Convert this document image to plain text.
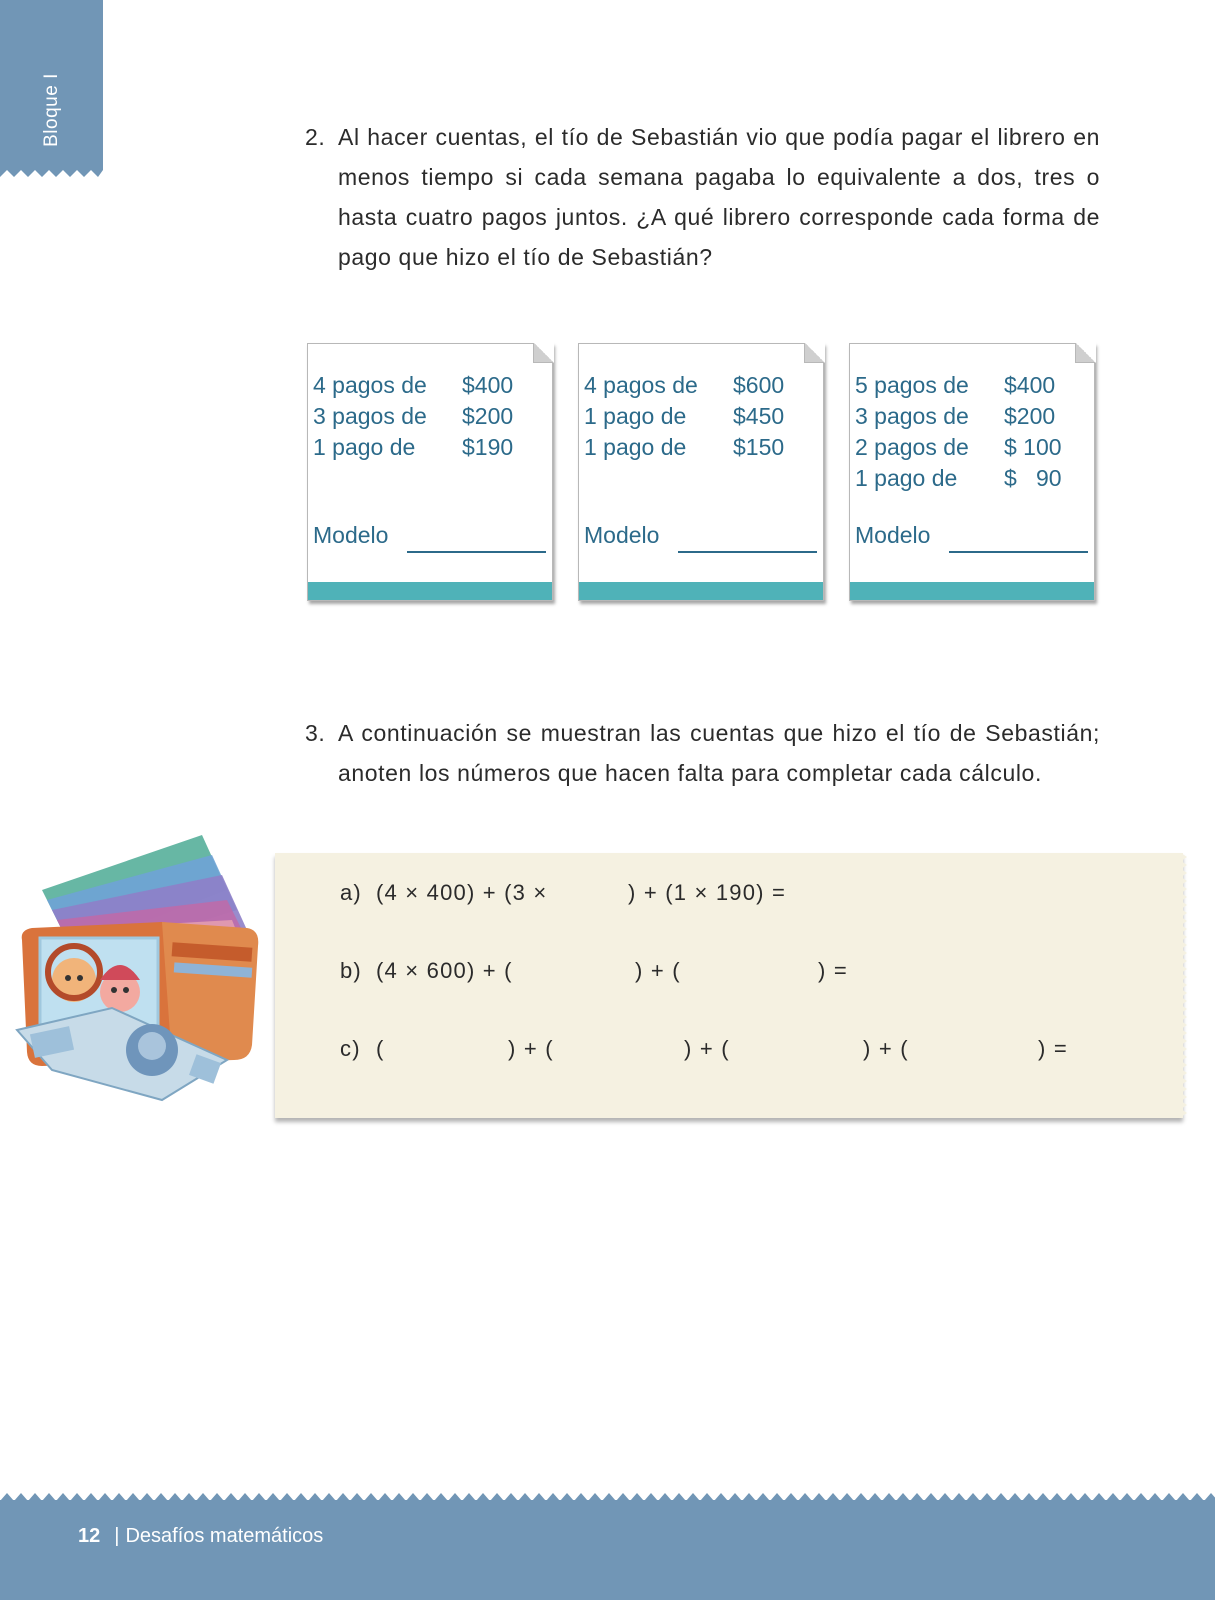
Bloque I	2. Al hacer cuentas, el tío de Sebastián vio que podía pagar el librero en menos tiempo si cada semana pagaba lo equivalente a dos, tres o hasta cuatro pagos juntos. ¿A qué librero corresponde cada forma de pago que hizo el tío de Sebastián?
4 pagos de $400
3 pagos de $200
1 pago de $190
Modelo
4 pagos de $600
1 pago de $450
1 pago de $150
Modelo
5 pagos de $400
3 pagos de $200
2 pagos de $ 100
1 pago de $   90
Modelo
3. A continuación se muestran las cuentas que hizo el tío de Sebastián; anoten los números que hacen falta para completar cada cálculo.
a) (4 × 400) + (3 ×	) + (1 × 190) =
b) (4 × 600) + (	) + (	) =
c) (	) + (	) + (	) + (	) =
12 | Desafíos matemáticos
